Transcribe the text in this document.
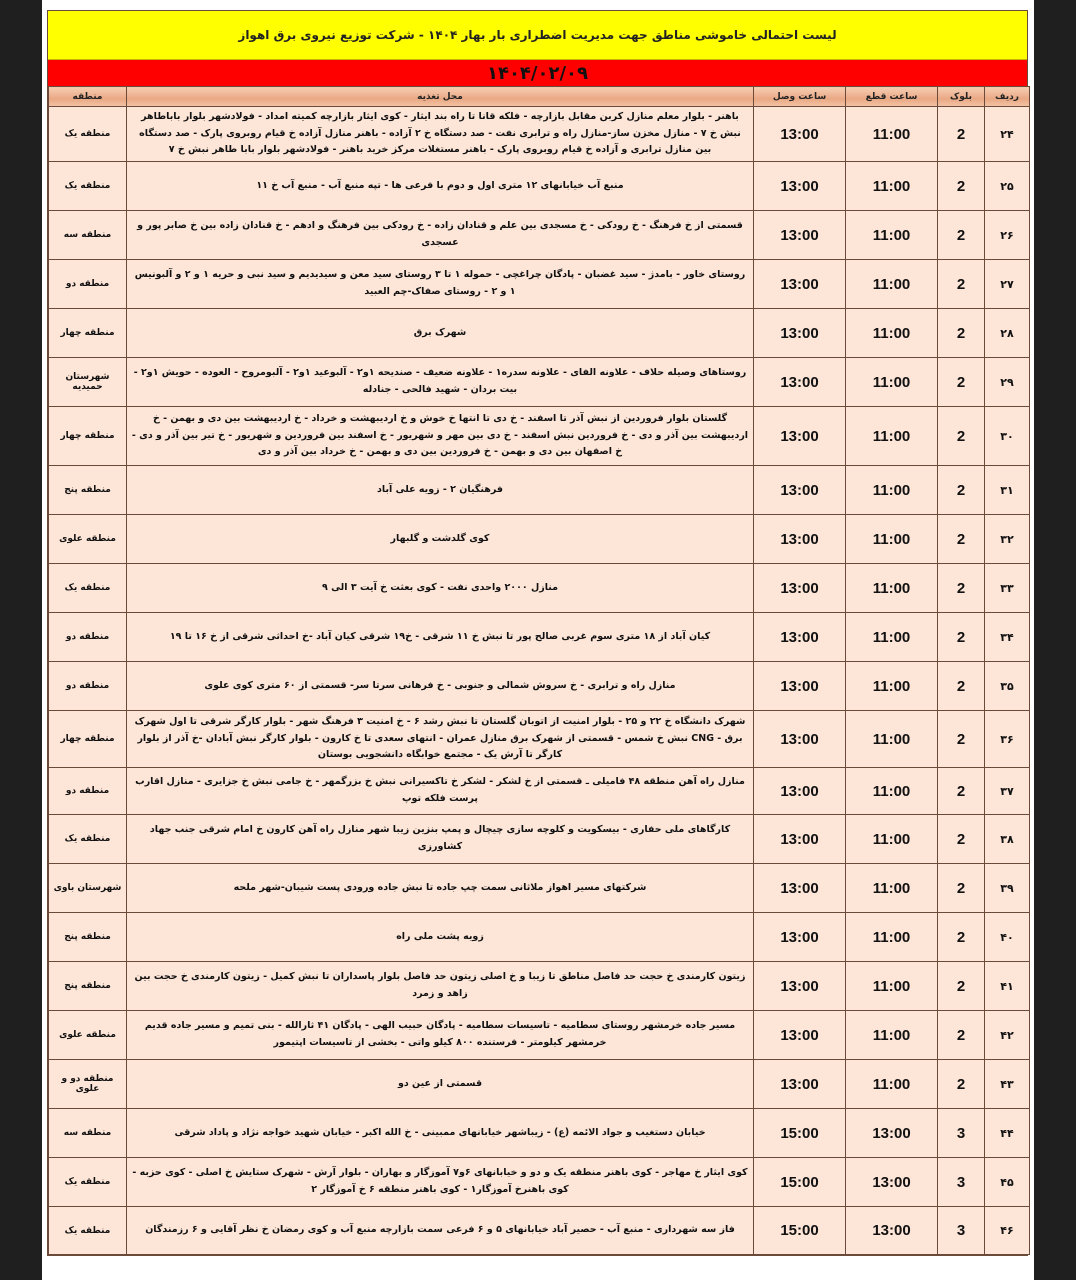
لیست احتمالی خاموشی مناطق جهت مدیریت اضطراری بار بهار ۱۴۰۴ - شرکت توزیع نیروی برق اهواز
۱۴۰۴/۰۲/۰۹
ردیف	بلوک	ساعت قطع	ساعت وصل	محل تغذیه	منطقه
۲۴	2	11:00	13:00	باهنر - بلوار معلم منازل کربن مقابل بازارچه - فلکه قانا تا راه بند ایثار - کوی ایثار بازارچه کمیته امداد - فولادشهر بلوار باباطاهر نبش خ ۷ - منازل مخزن ساز-منازل راه و ترابری نفت - صد دستگاه خ ۲ آزاده - باهنر منازل آزاده خ قیام روبروی پارک - صد دستگاه بین منازل ترابری و آزاده خ قیام روبروی پارک - باهنر مستغلات مرکز خرید باهنر - فولادشهر بلوار بابا طاهر نبش خ ۷	منطقه یک
۲۵	2	11:00	13:00	منبع آب خیابانهای ۱۲ متری اول و دوم با فرعی ها - تپه منبع آب - منبع آب خ ۱۱	منطقه یک
۲۶	2	11:00	13:00	قسمتی از خ فرهنگ - خ رودکی - خ مسجدی بین علم و قنادان زاده - خ رودکی بین فرهنگ و ادهم - خ قنادان زاده بین خ صابر پور و عسجدی	منطقه سه
۲۷	2	11:00	13:00	روستای خاور - بامدژ - سید غضبان - پادگان چراغچی - حموله ۱ تا ۳ روستای سید معن و سیدیدیم و سید نبی و حریه ۱ و ۲ و آلبونیس ۱ و ۲ - روستای صفاک-چم العبید	منطقه دو
۲۸	2	11:00	13:00	شهرک برق	منطقه چهار
۲۹	2	11:00	13:00	روستاهای وصیله حلاف - علاونه الفای - علاونه سدره۱ - علاونه ضعیف - صندیحه ۱و۲ - آلبوعید ۱و۲ - آلبومروح - العوده - حویش ۱و۲ - بیت بردان - شهید فالحی - جنادله	شهرستان حمیدیه
۳۰	2	11:00	13:00	گلستان بلوار فروردین از نبش آذر تا اسفند - خ دی تا انتها خ خوش و خ اردیبهشت و خرداد - خ اردیبهشت بین دی و بهمن - خ اردیبهشت بین آذر و دی - خ فروردین نبش اسفند - خ دی بین مهر و شهریور - خ اسفند بین فروردین و شهریور - خ تیر بین آذر و دی - خ اصفهان بین دی و بهمن - خ فروردین بین دی و بهمن - خ خرداد بین آذر و دی	منطقه چهار
۳۱	2	11:00	13:00	فرهنگیان ۲ - زویه علی آباد	منطقه پنج
۳۲	2	11:00	13:00	کوی گلدشت و گلبهار	منطقه علوی
۳۳	2	11:00	13:00	منازل ۲۰۰۰ واحدی نفت - کوی بعثت خ آیت ۳ الی ۹	منطقه یک
۳۴	2	11:00	13:00	کیان آباد از ۱۸ متری سوم غربی صالح پور تا نبش خ ۱۱ شرقی - خ۱۹ شرقی کیان آباد -خ احداثی شرقی از خ ۱۶ تا ۱۹	منطقه دو
۳۵	2	11:00	13:00	منازل راه و ترابری - خ سروش شمالی و جنوبی - خ فرهانی سرتا سر- قسمتی از ۶۰ متری کوی علوی	منطقه دو
۳۶	2	11:00	13:00	شهرک دانشگاه خ ۲۲ و ۲۵ - بلوار امنیت از اتوبان گلستان تا نبش رشد ۶ - خ امنیت ۳ فرهنگ شهر - بلوار کارگر شرقی تا اول شهرک برق - CNG نبش خ شمس - قسمتی از شهرک برق منازل عمران - انتهای سعدی تا خ کارون - بلوار کارگر نبش آبادان -خ آذر از بلوار کارگر تا آرش یک - مجتمع خوابگاه دانشجویی بوستان	منطقه چهار
۳۷	2	11:00	13:00	منازل راه آهن منطقه ۴۸ فامیلی ـ قسمتی از خ لشکر - لشکر خ تاکسیرانی نبش خ بزرگمهر - خ جامی نبش خ جزایری - منازل اقارب پرست فلکه توپ	منطقه دو
۳۸	2	11:00	13:00	کارگاهای ملی حفاری - بیسکویت و کلوچه سازی چیچال و پمپ بنزین زیبا شهر منازل راه آهن کارون خ امام شرقی جنب جهاد کشاورزی	منطقه یک
۳۹	2	11:00	13:00	شرکتهای مسیر اهواز ملاثانی سمت چپ جاده تا نبش جاده ورودی پست شیبان-شهر ملحه	شهرستان باوی
۴۰	2	11:00	13:00	زویه پشت ملی راه	منطقه پنج
۴۱	2	11:00	13:00	زیتون کارمندی خ حجت حد فاصل مناطق تا زیبا و خ اصلی زیتون حد فاصل بلوار پاسداران تا نبش کمیل - زیتون کارمندی خ حجت بین زاهد و زمرد	منطقه پنج
۴۲	2	11:00	13:00	مسیر جاده خرمشهر روستای سطامیه - تاسیسات سطامیه - پادگان حبیب الهی - پادگان ۴۱ ثارالله - بنی تمیم و مسیر جاده قدیم خرمشهر کیلومتر - فرستنده ۸۰۰ کیلو واتی - بخشی از تاسیسات اپتیمور	منطقه علوی
۴۳	2	11:00	13:00	قسمتی از عین دو	منطقه دو و علوی
۴۴	3	13:00	15:00	خیابان دستغیب و جواد الائمه (ع) - زیباشهر خیابانهای ممبینی - خ الله اکبر - خیابان شهید خواجه نژاد و پاداد شرقی	منطقه سه
۴۵	3	13:00	15:00	کوی ایثار خ مهاجر - کوی باهنر منطقه یک و دو و خیابانهای ۶و۷ آموزگار و بهاران - بلوار آرش - شهرک ستایش خ اصلی - کوی حزبه - کوی باهنرخ آموزگار۱ - کوی باهنر منطقه ۶ خ آموزگار ۲	منطقه یک
۴۶	3	13:00	15:00	فاز سه شهرداری - منبع آب - حصیر آباد خیابانهای ۵ و ۶ فرعی سمت بازارچه منبع آب و کوی رمضان خ نظر آقایی و ۶ رزمندگان	منطقه یک
